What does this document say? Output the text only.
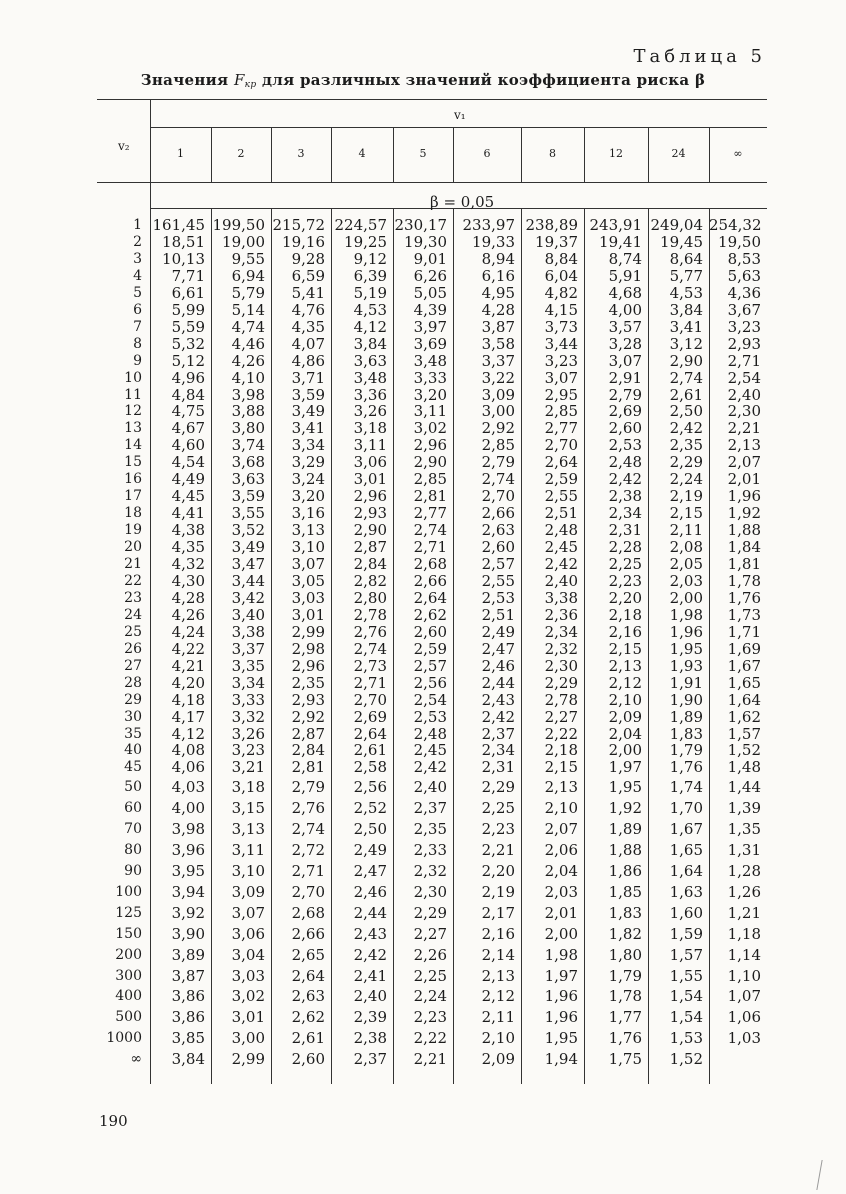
Таблица 5
Значения $F_{кр}$ для различных значений коэффициента риска β
v₂
v₁
1	2	3	4	5	6	8	12	24	∞
β = 0,05
1 161,45 199,50 215,72 224,57 230,17	233,97 238,89 243,91 249,04 254,32
2	18,51	19,00	19,16	19,25	19,30	19,33	19,37	19,41	19,45	19,50
3	10,13	9,55	9,28	9,12	9,01	8,94	8,84	8,74	8,64	8,53
4	7,71	6,94	6,59	6,39	6,26	6,16	6,04	5,91	5,77	5,63
5	6,61	5,79	5,41	5,19	5,05	4,95	4,82	4,68	4,53	4,36
6	5,99	5,14	4,76	4,53	4,39	4,28	4,15	4,00	3,84	3,67
7	5,59	4,74	4,35	4,12	3,97	3,87	3,73	3,57	3,41	3,23
8	5,32	4,46	4,07	3,84	3,69	3,58	3,44	3,28	3,12	2,93
9	5,12	4,26	4,86	3,63	3,48	3,37	3,23	3,07	2,90	2,71
10	4,96	4,10	3,71	3,48	3,33	3,22	3,07	2,91	2,74	2,54
11	4,84	3,98	3,59	3,36	3,20	3,09	2,95	2,79	2,61	2,40
12	4,75	3,88	3,49	3,26	3,11	3,00	2,85	2,69	2,50	2,30
13	4,67	3,80	3,41	3,18	3,02	2,92	2,77	2,60	2,42	2,21
14	4,60	3,74	3,34	3,11	2,96	2,85	2,70	2,53	2,35	2,13
15	4,54	3,68	3,29	3,06	2,90	2,79	2,64	2,48	2,29	2,07
16	4,49	3,63	3,24	3,01	2,85	2,74	2,59	2,42	2,24	2,01
17	4,45	3,59	3,20	2,96	2,81	2,70	2,55	2,38	2,19	1,96
18	4,41	3,55	3,16	2,93	2,77	2,66	2,51	2,34	2,15	1,92
19	4,38	3,52	3,13	2,90	2,74	2,63	2,48	2,31	2,11	1,88
20	4,35	3,49	3,10	2,87	2,71	2,60	2,45	2,28	2,08	1,84
21	4,32	3,47	3,07	2,84	2,68	2,57	2,42	2,25	2,05	1,81
22	4,30	3,44	3,05	2,82	2,66	2,55	2,40	2,23	2,03	1,78
23	4,28	3,42	3,03	2,80	2,64	2,53	3,38	2,20	2,00	1,76
24	4,26	3,40	3,01	2,78	2,62	2,51	2,36	2,18	1,98	1,73
25	4,24	3,38	2,99	2,76	2,60	2,49	2,34	2,16	1,96	1,71
26	4,22	3,37	2,98	2,74	2,59	2,47	2,32	2,15	1,95	1,69
27	4,21	3,35	2,96	2,73	2,57	2,46	2,30	2,13	1,93	1,67
28	4,20	3,34	2,35	2,71	2,56	2,44	2,29	2,12	1,91	1,65
29	4,18	3,33	2,93	2,70	2,54	2,43	2,78	2,10	1,90	1,64
30	4,17	3,32	2,92	2,69	2,53	2,42	2,27	2,09	1,89	1,62
35	4,12	3,26	2,87	2,64	2,48	2,37	2,22	2,04	1,83	1,57
40	4,08	3,23	2,84	2,61	2,45	2,34	2,18	2,00	1,79	1,52
45	4,06	3,21	2,81	2,58	2,42	2,31	2,15	1,97	1,76	1,48
50	4,03	3,18	2,79	2,56	2,40	2,29	2,13	1,95	1,74	1,44
60	4,00	3,15	2,76	2,52	2,37	2,25	2,10	1,92	1,70	1,39
70	3,98	3,13	2,74	2,50	2,35	2,23	2,07	1,89	1,67	1,35
80	3,96	3,11	2,72	2,49	2,33	2,21	2,06	1,88	1,65	1,31
90	3,95	3,10	2,71	2,47	2,32	2,20	2,04	1,86	1,64	1,28
100	3,94	3,09	2,70	2,46	2,30	2,19	2,03	1,85	1,63	1,26
125	3,92	3,07	2,68	2,44	2,29	2,17	2,01	1,83	1,60	1,21
150	3,90	3,06	2,66	2,43	2,27	2,16	2,00	1,82	1,59	1,18
200	3,89	3,04	2,65	2,42	2,26	2,14	1,98	1,80	1,57	1,14
300	3,87	3,03	2,64	2,41	2,25	2,13	1,97	1,79	1,55	1,10
400	3,86	3,02	2,63	2,40	2,24	2,12	1,96	1,78	1,54	1,07
500	3,86	3,01	2,62	2,39	2,23	2,11	1,96	1,77	1,54	1,06
1000	3,85	3,00	2,61	2,38	2,22	2,10	1,95	1,76	1,53	1,03
∞	3,84	2,99	2,60	2,37	2,21	2,09	1,94	1,75	1,52
190
